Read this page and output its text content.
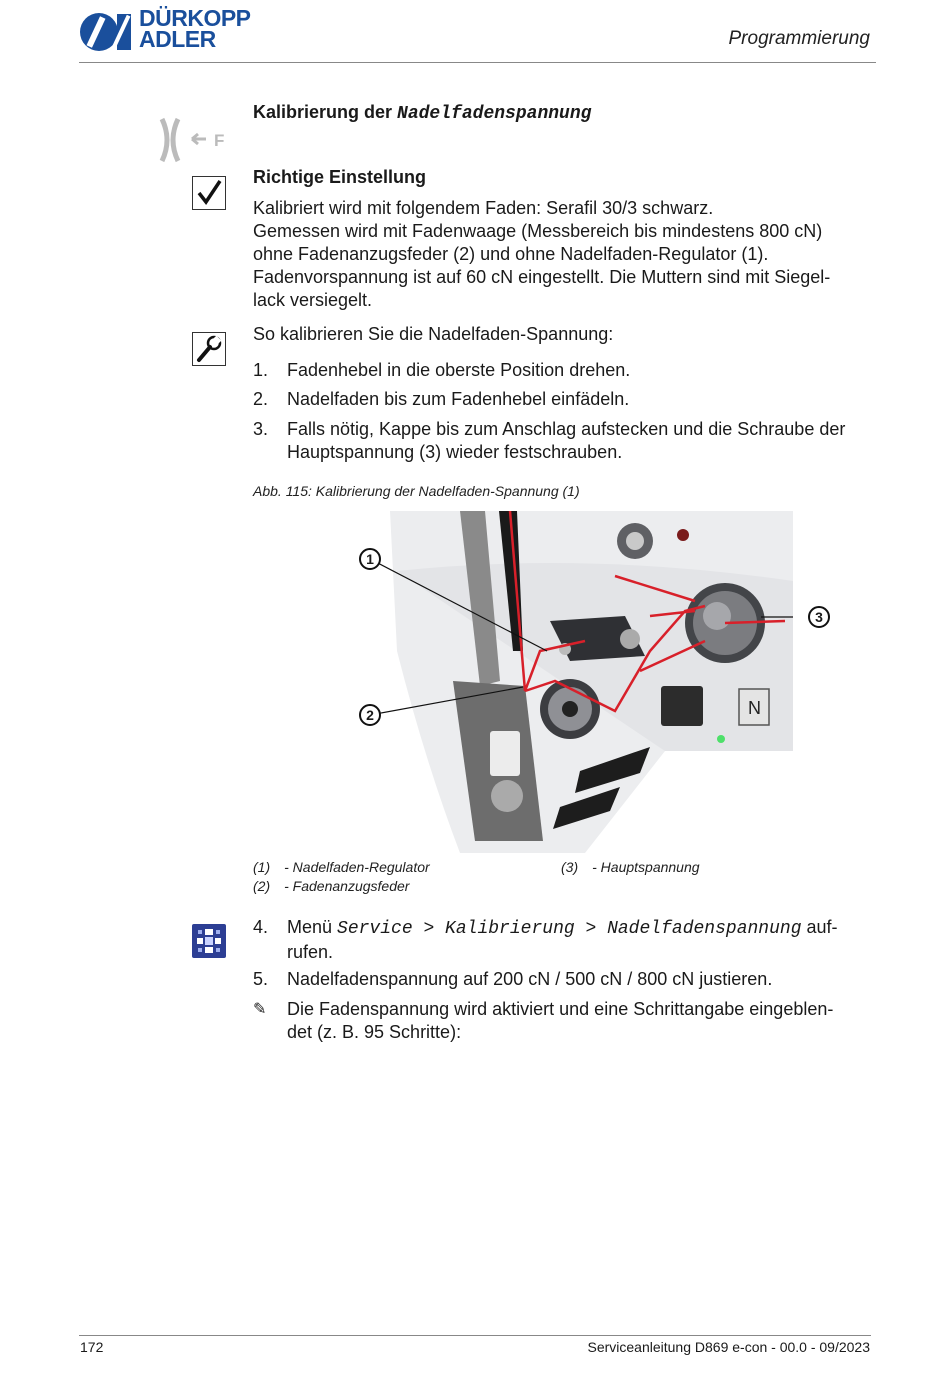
DÜRKOPP
ADLER	Programmierung
F
Kalibrierung der Nadelfadenspannung
Richtige Einstellung
Kalibriert wird mit folgendem Faden: Serafil 30/3 schwarz.
Gemessen wird mit Fadenwaage (Messbereich bis mindestens 800 cN)
ohne Fadenanzugsfeder (2) und ohne Nadelfaden-Regulator (1).
Fadenvorspannung ist auf 60 cN eingestellt. Die Muttern sind mit Siegel-
lack versiegelt.
So kalibrieren Sie die Nadelfaden-Spannung:
1. Fadenhebel in die oberste Position drehen.
2. Nadelfaden bis zum Fadenhebel einfädeln.
3. Falls nötig, Kappe bis zum Anschlag aufstecken und die Schraube der
Hauptspannung (3) wieder festschrauben.
Abb. 115: Kalibrierung der Nadelfaden-Spannung (1)
N
1
2
3
(1) - Nadelfaden-Regulator
(2) - Fadenanzugsfeder
(3) - Hauptspannung
4. Menü Service > Kalibrierung > Nadelfadenspannung auf-
rufen.
5. Nadelfadenspannung auf 200 cN / 500 cN / 800 cN justieren.
✎ Die Fadenspannung wird aktiviert und eine Schrittangabe eingeblen-
det (z. B. 95 Schritte):
172	Serviceanleitung D869 e-con - 00.0 - 09/2023
